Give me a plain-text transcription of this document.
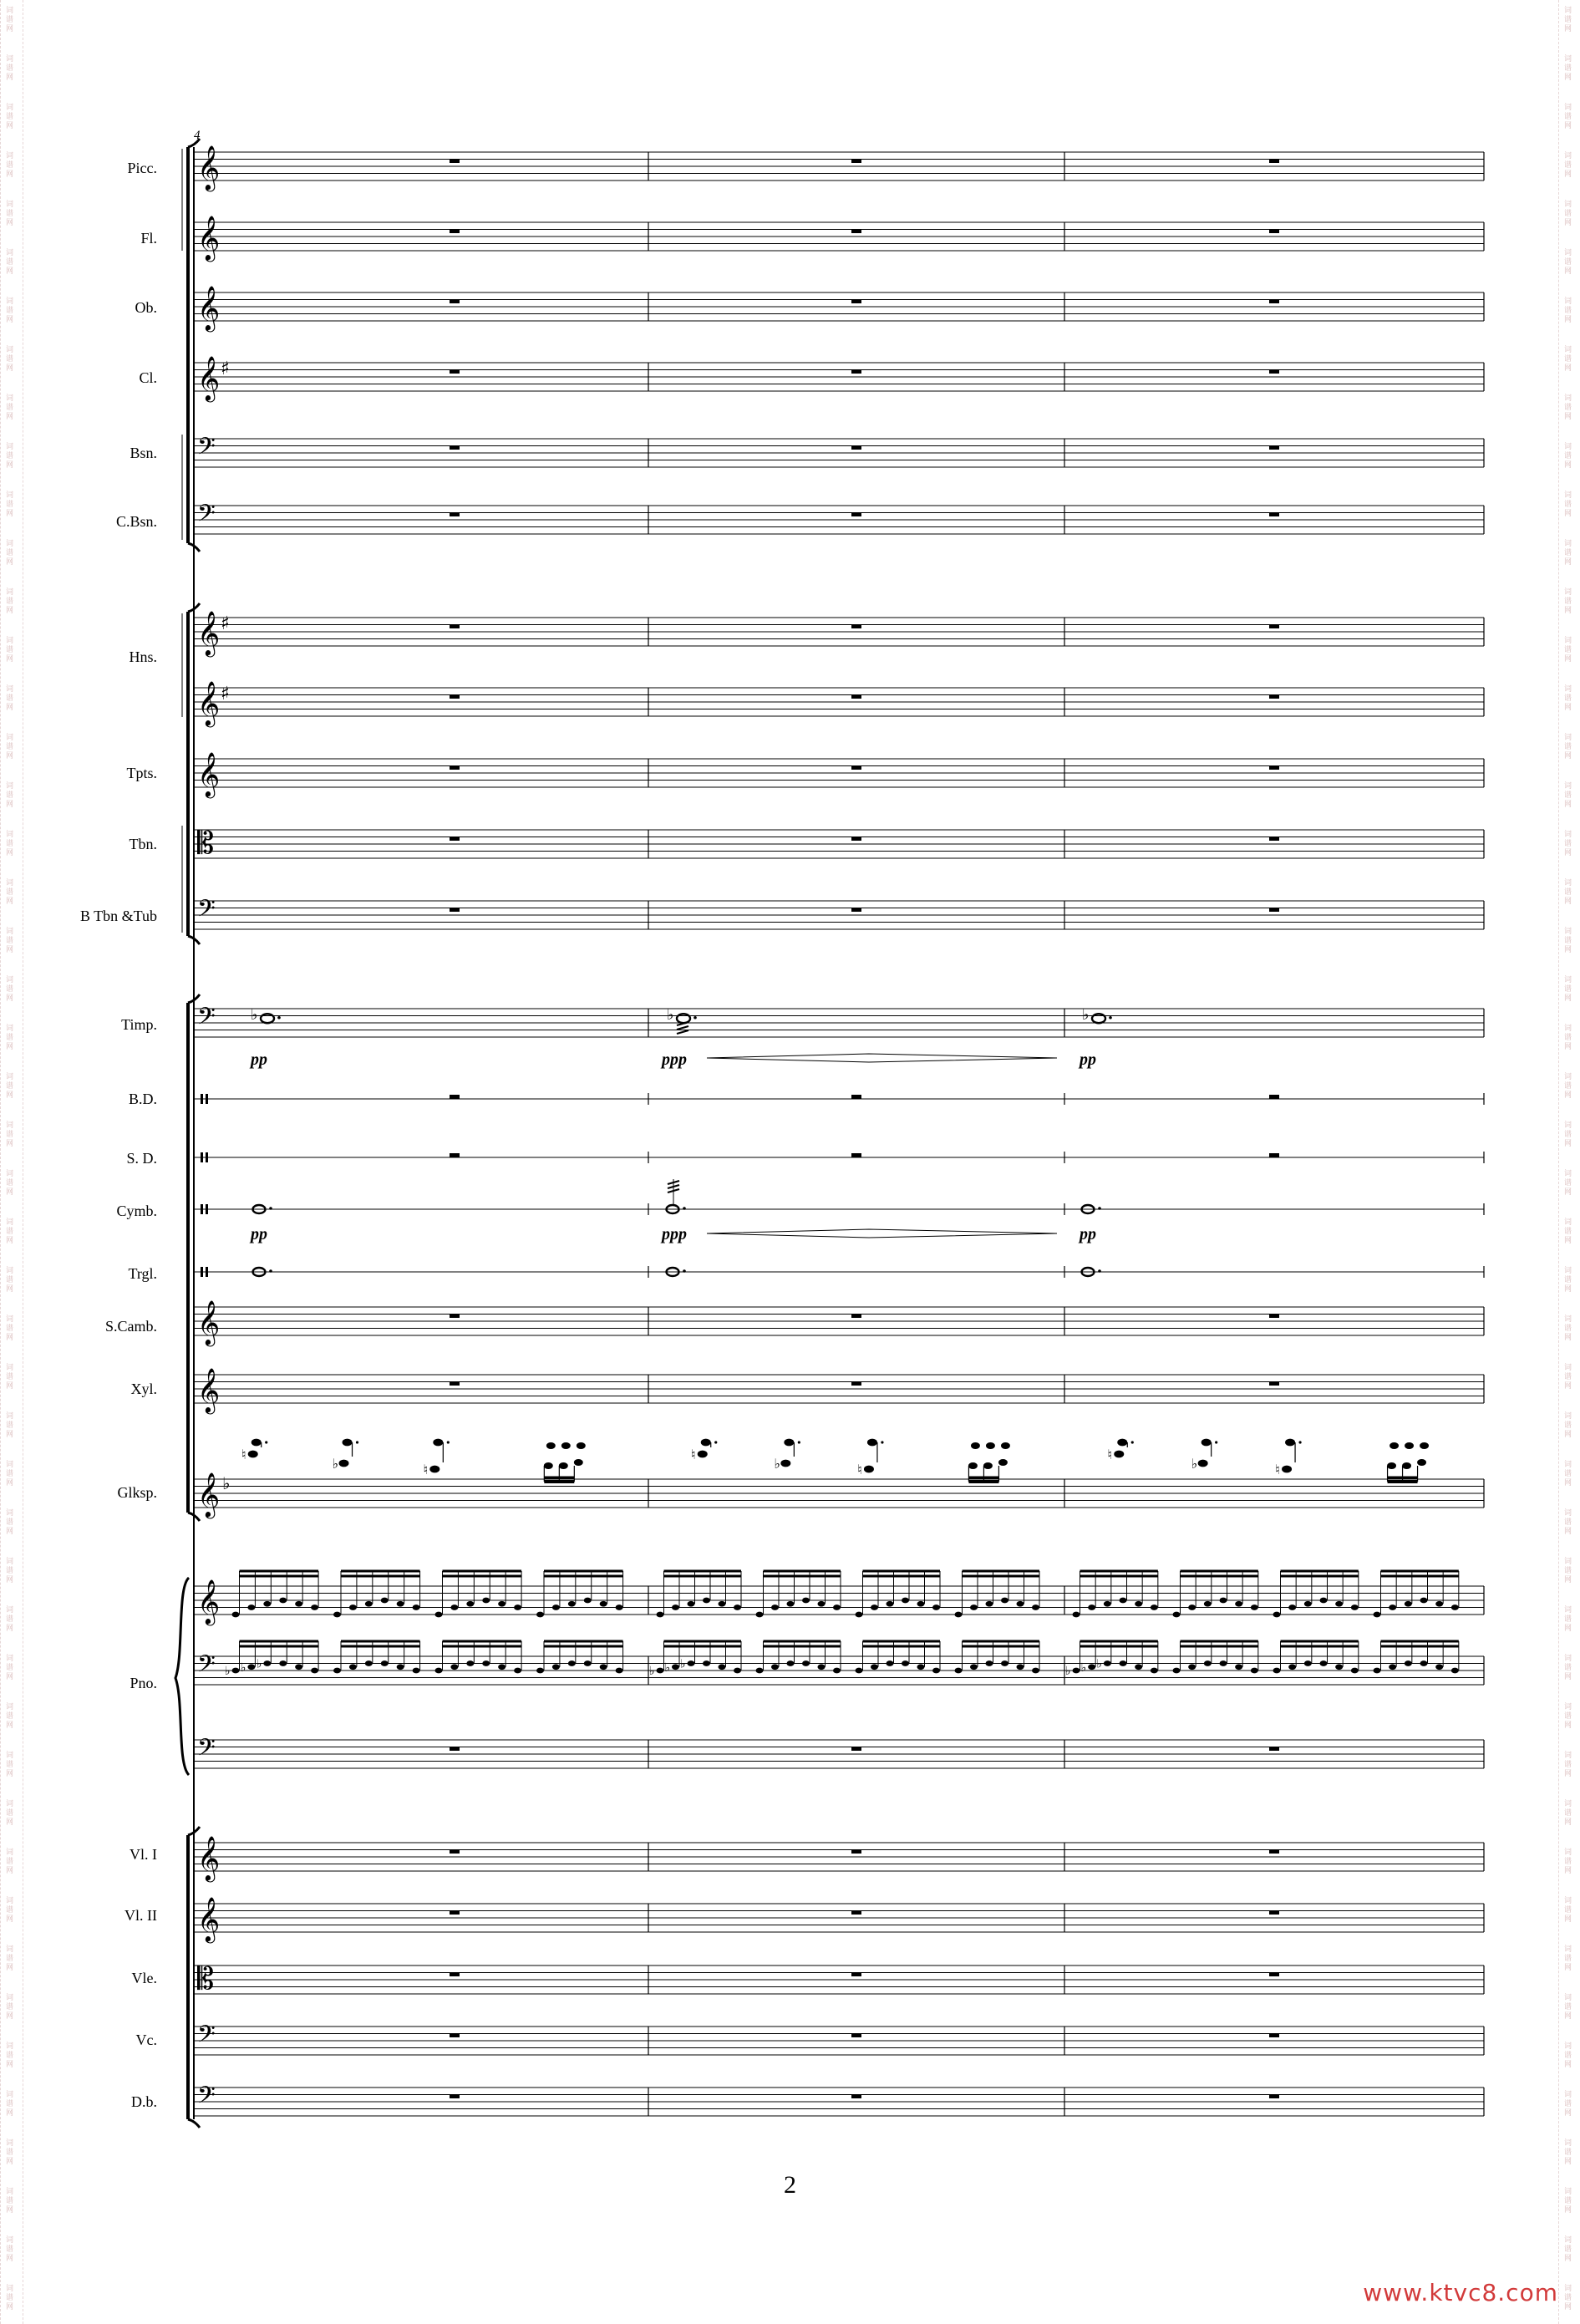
词
谱
网
词
谱
网
词
谱
网
词
谱
网
词
谱
网
词
谱
网
词
谱
网
词
谱
网
词
谱
网
词
谱
网
词
谱
网
词
谱
网
词
谱
网
词
谱
网
词
谱
网
词
谱
网
词
谱
网
词
谱
网
词
谱
网
词
谱
网
词
谱
网
词
谱
网
词
谱
网
词
谱
网
词
谱
网
词
谱
网
词
谱
网
词
谱
网
词
谱
网
词
谱
网
词
谱
网
词
谱
网
词
谱
网
词
谱
网
词
谱
网
词
谱
网
词
谱
网
词
谱
网
词
谱
网
词
谱
网
词
谱
网
词
谱
网
词
谱
网
词
谱
网
词
谱
网
词
谱
网
词
谱
网
词
谱
网
词
谱
网
词
谱
网
词
谱
网
词
谱
网
词
谱
网
词
谱
网
词
谱
网
词
谱
网
词
谱
网
词
谱
网
词
谱
网
词
谱
网
词
谱
网
词
谱
网
词
谱
网
词
谱
网
词
谱
网
词
谱
网
词
谱
网
词
谱
网
词
谱
网
词
谱
网
词
谱
网
词
谱
网
词
谱
网
词
谱
网
词
谱
网
词
谱
网
词
谱
网
词
谱
网
词
谱
网
词
谱
网
词
谱
网
词
谱
网
词
谱
网
词
谱
网
词
谱
网
词
谱
网
词
谱
网
词
谱
网
词
谱
网
词
谱
网
词
谱
网
词
谱
网
词
谱
网
词
谱
网
词
谱
网
词
谱
网
𝄞
𝄞
𝄞
𝄞 ♯
𝄢
𝄢
𝄞 ♯
𝄞 ♯
𝄞
𝄡
𝄢
𝄢 ♭	♭	♭
𝄞
𝄞
𝄞
♮
♭	♮
♮
♭	♮
♮
♭	♮
♭
𝄞
𝄢 ♭ ♭ ♭
♭ ♭ ♭
♭ ♭ ♭
𝄢
𝄞
𝄞
𝄡
𝄢
𝄢
Picc.
Fl.
Ob.
Cl.
Bsn.
C.Bsn.
Hns.
Tpts.
Tbn.
B Tbn &Tub
Timp.
B.D.
S. D.
Cymb.
Trgl.
S.Camb.
Xyl.
Glksp.
Pno.
Vl. I
Vl. II
Vle.
Vc.
D.b.
4
pp	ppp	pp
pp	ppp	pp
2
www.ktvc8.com
